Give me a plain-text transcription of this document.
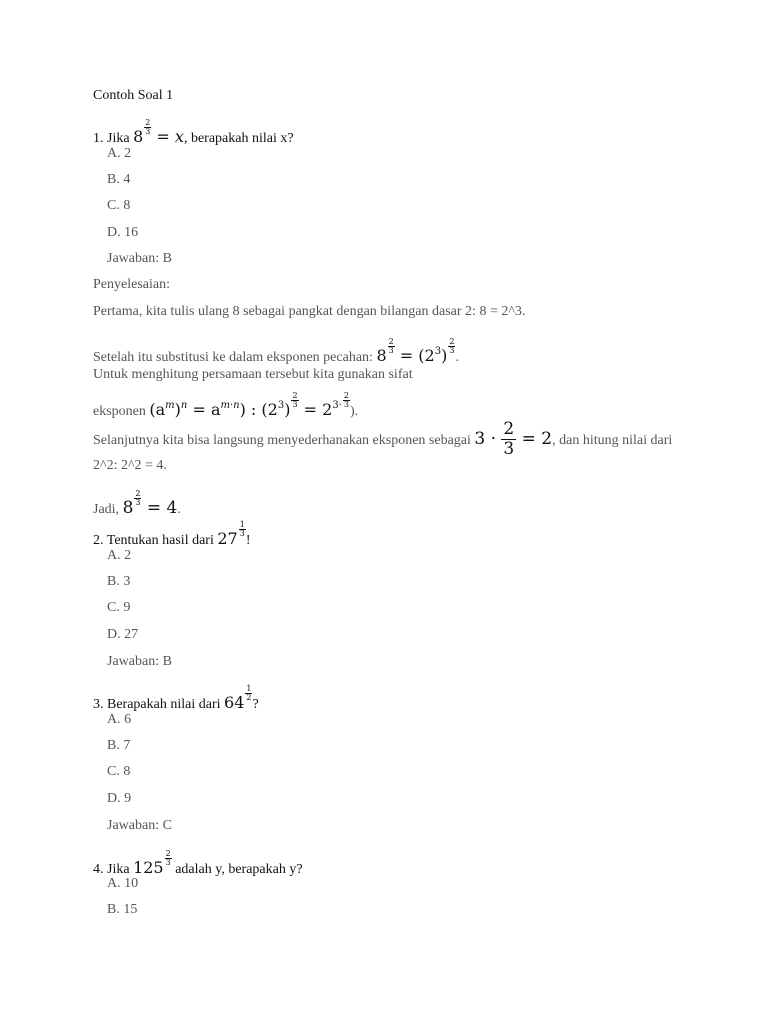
Contoh Soal 1
1. Jika $8 \frac{2}{3} = x$, berapakah nilai x?
A. 2
B. 4
C. 8
D. 16
Jawaban: B
Penyelesaian:
Pertama, kita tulis ulang 8 sebagai pangkat dengan bilangan dasar 2: 8 = 2^3.
Setelah itu substitusi ke dalam eksponen pecahan: $8 \frac{2}{3} = (2^3) \frac{2}{3}$
.
Untuk menghitung persamaan tersebut kita gunakan sifat
eksponen $(a^m)^n = a^{m\cdot n}$) : $(2^3) \frac{2}{3} = 2^{3\cdot} \frac{2}{3}$
).
Selanjutnya kita bisa langsung menyederhanakan eksponen sebagai $3 \cdot \frac{2}{3} = 2$, dan hitung nilai dari
2^2: 2^2 = 4.
Jadi, $8 \frac{2}{3} = 4$.
2. Tentukan hasil dari $27 \frac{1}{3}$
!
A. 2
B. 3
C. 9
D. 27
Jawaban: B
3. Berapakah nilai dari $64 \frac{1}{2}$
?
A. 6
B. 7
C. 8
D. 9
Jawaban: C
4. Jika $125 \frac{2}{3}$
adalah y, berapakah y?
A. 10
B. 15
